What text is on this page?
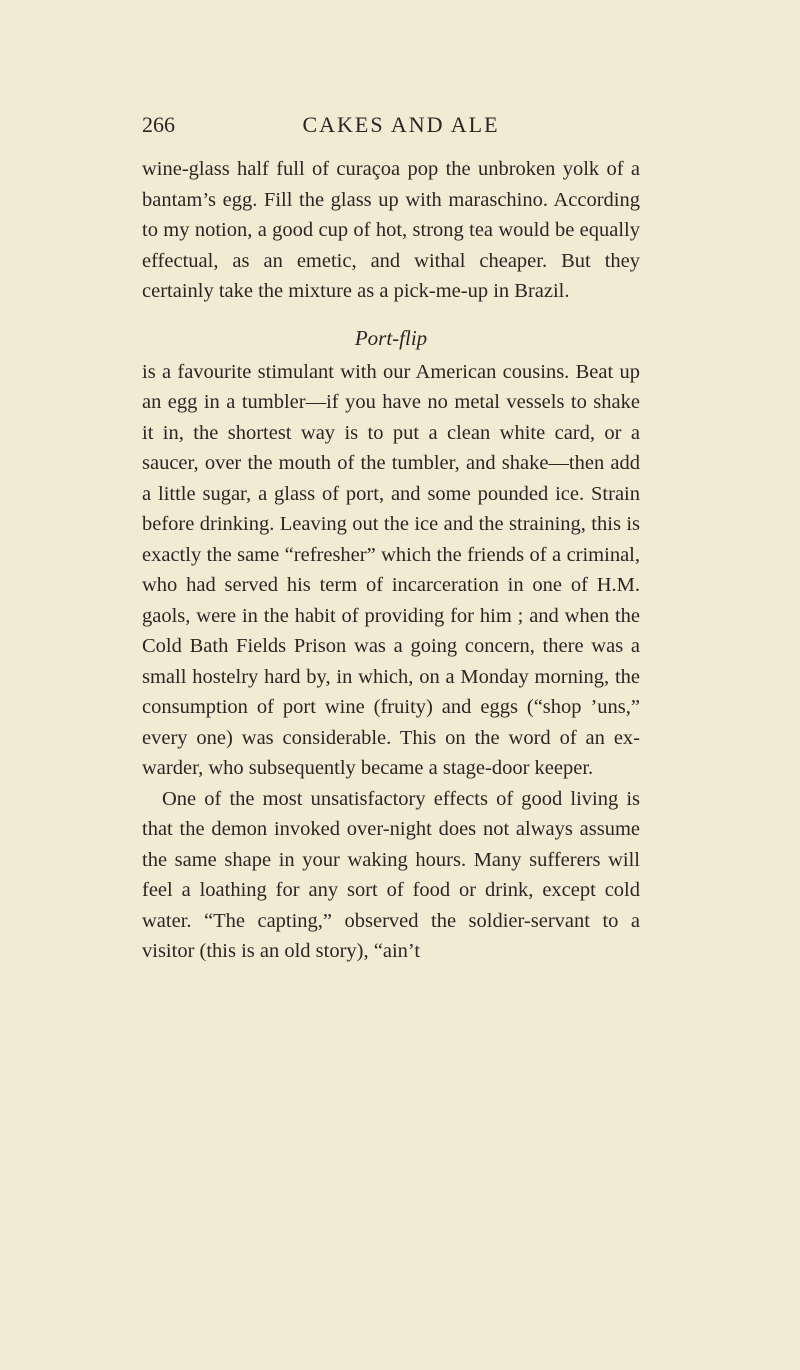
266	CAKES AND ALE

wine-glass half full of curaçoa pop the unbroken yolk of a bantam’s egg. Fill the glass up with maraschino. According to my notion, a good cup of hot, strong tea would be equally effectual, as an emetic, and withal cheaper. But they certainly take the mixture as a pick-me-up in Brazil.

Port-flip

is a favourite stimulant with our American cousins. Beat up an egg in a tumbler—if you have no metal vessels to shake it in, the shortest way is to put a clean white card, or a saucer, over the mouth of the tumbler, and shake—then add a little sugar, a glass of port, and some pounded ice. Strain before drinking. Leaving out the ice and the straining, this is exactly the same “refresher” which the friends of a criminal, who had served his term of incarceration in one of H.M. gaols, were in the habit of providing for him ; and when the Cold Bath Fields Prison was a going concern, there was a small hostelry hard by, in which, on a Monday morning, the consumption of port wine (fruity) and eggs (“shop ’uns,” every one) was considerable. This on the word of an ex-warder, who subsequently became a stage-door keeper.

One of the most unsatisfactory effects of good living is that the demon invoked over-night does not always assume the same shape in your waking hours. Many sufferers will feel a loathing for any sort of food or drink, except cold water. “The capting,” observed the soldier-servant to a visitor (this is an old story), “ain’t
